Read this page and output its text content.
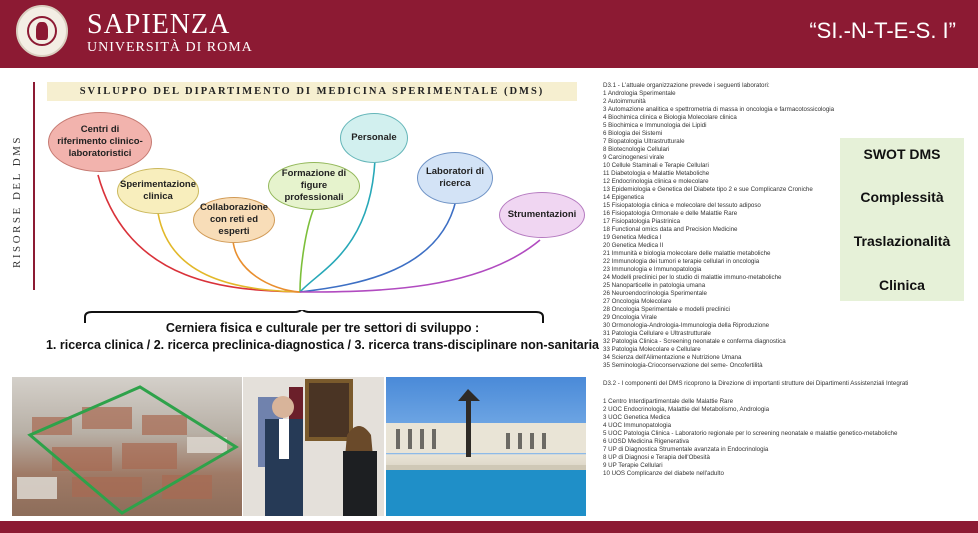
SAPIENZA
UNIVERSITÀ DI ROMA
“SI.-N-T-E-S. I”
RISORSE DEL DMS
SVILUPPO DEL DIPARTIMENTO DI MEDICINA SPERIMENTALE (DMS)
Centri di riferimento clinico-laboratoristici
Sperimentazione clinica
Collaborazione con reti ed esperti
Formazione di figure professionali
Personale
Laboratori di ricerca
Strumentazioni
Cerniera fisica e culturale per tre settori di sviluppo :
1. ricerca clinica / 2. ricerca preclinica-diagnostica / 3. ricerca trans-disciplinare non-sanitaria
D3.1 - L'attuale organizzazione prevede i seguenti laboratori:
1 Andrologia Sperimentale
2 Autoimmunità
3 Automazione analitica e spettrometria di massa in oncologia e farmacotossicologia
4 Biochimica clinica e Biologia Molecolare clinica
5 Biochimica e Immunologia dei Lipidi
6 Biologia dei Sistemi
7 Biopatologia Ultrastrutturale
8 Biotecnologie Cellulari
9 Carcinogenesi virale
10 Cellule Staminali e Terapie Cellulari
11 Diabetologia e Malattie Metaboliche
12 Endocrinologia clinica e molecolare
13 Epidemiologia e Genetica del Diabete tipo 2 e sue Complicanze Croniche
14 Epigenetica
15 Fisiopatologia clinica e molecolare del tessuto adiposo
16 Fisiopatologia Ormonale e delle Malattie Rare
17 Fisiopatologia Piastrinica
18 Functional omics data and Precision Medicine
19 Genetica Medica I
20 Genetica Medica II
21 Immunità e biologia molecolare delle malattie metaboliche
22 Immunologia dei tumori e terapie cellulari in oncologia
23 Immunologia e Immunopatologia
24 Modelli preclinici per lo studio di malattie immuno-metaboliche
25 Nanoparticelle in patologia umana
26 Neuroendocrinologia Sperimentale
27 Oncologia Molecolare
28 Oncologia Sperimentale e modelli preclinici
29 Oncologia Virale
30 Ormonologia-Andrologia-Immunologia della Riproduzione
31 Patologia Cellulare e Ultrastrutturale
32 Patologia Clinica - Screening neonatale e conferma diagnostica
33 Patologia Molecolare e Cellulare
34 Scienza dell'Alimentazione e Nutrizione Umana
35 Seminologia-Crioconservazione del seme- Oncofertilità
D3.2 - I componenti del DMS ricoprono la Direzione di importanti strutture dei Dipartimenti Assistenziali Integrati
1 Centro Interdipartimentale delle Malattie Rare
2 UOC Endocrinologia, Malattie del Metabolismo, Andrologia
3 UOC Genetica Medica
4 UOC Immunopatologia
5 UOC Patologia Clinica - Laboratorio regionale per lo screening neonatale e malattie genetico-metaboliche
6 UOSD Medicina Rigenerativa
7 UP di Diagnostica Strumentale avanzata in Endocrinologia
8 UP di Diagnosi e Terapia dell'Obesità
9 UP Terapie Cellulari
10 UOS Complicanze del diabete nell'adulto
SWOT DMS
Complessità
Traslazionalità
Clinica
